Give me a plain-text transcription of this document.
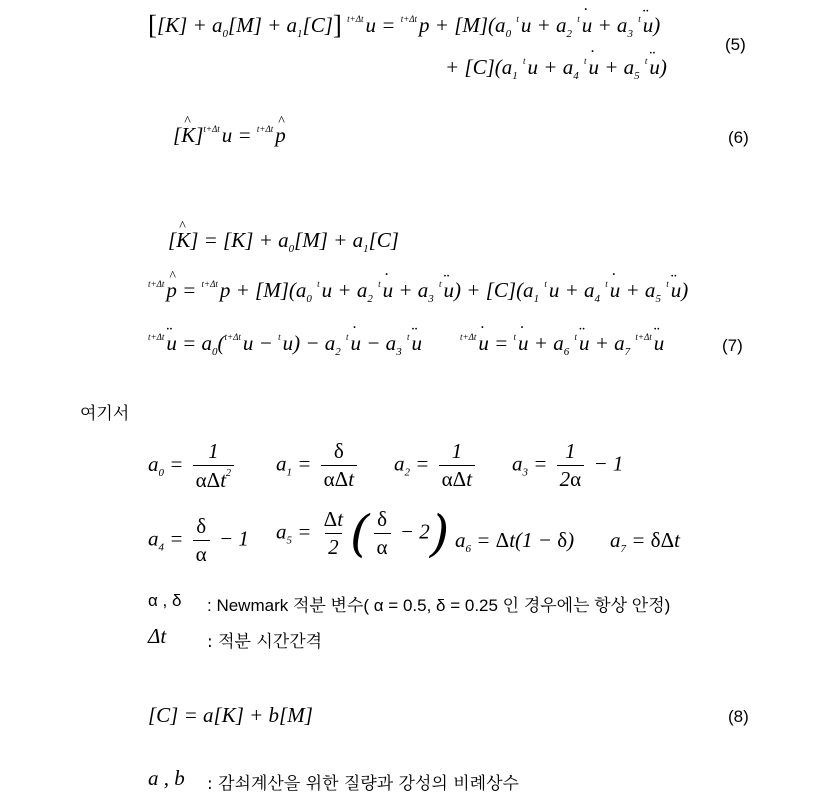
$[[K] + a_0[M] + a_1[C]]$ $^{t+\Delta t}u = ^{t+\Delta t}p + [M](a_0$ $^tu + a_2$ $^t$u ˙ + $a_3$ $^t$u ¨)
+ $[C](a_1$ $^tu + a_4$ $^t$u ˙ + $a_5$ $^t$u ¨)
(5)
[K ^]$^{t+\Delta t}$u = $^{t+\Delta t}$p ^	(6)
[K ^] = $[K] + a_0[M] + a_1[C]$
$^{t+\Delta t}$p ^ = $^{t+\Delta t}p + [M](a_0$ $^tu + a_2$ $^t$u ˙ + $a_3$ $^t$u ¨) + $[C](a_1$ $^tu + a_4$ $^t$u ˙ + $a_5$ $^t$u ¨)
$^{t+\Delta t}$u ¨ = $a_0(^{t+\Delta t}u - ^tu) - a_2$ $^t$u ˙ − $a_3$ $^t$u ¨	$^{t+\Delta t}$u ˙ = $^t$u ˙ + $a_6$ $^t$u ¨ + $a_7$ $^{t+\Delta t}$u ¨	(7)
여기서
$a_0 = \frac{1}{\alpha\Delta t^2} a_1 = \frac{\delta}{\text{αΔt}} a_2 = \frac{1}{\text{αΔt}} a_3 = \frac{1}{2\alpha} - 1$
$a_4 = \frac{\delta}{\alpha} - 1$ $a_5 = \frac{\Delta t}{2}$ ( $\frac{\delta}{\alpha} - 2$) $a_6 = \Delta t(1 - \delta) a_7 = \delta\Delta t$
α , δ : Newmark 적분 변수( α = 0.5, δ = 0.25 인 경우에는 항상 안정)
Δt : 적분 시간간격
[C] = a[K] + b[M]	(8)
a , b : 감쇠계산을 위한 질량과 강성의 비례상수
